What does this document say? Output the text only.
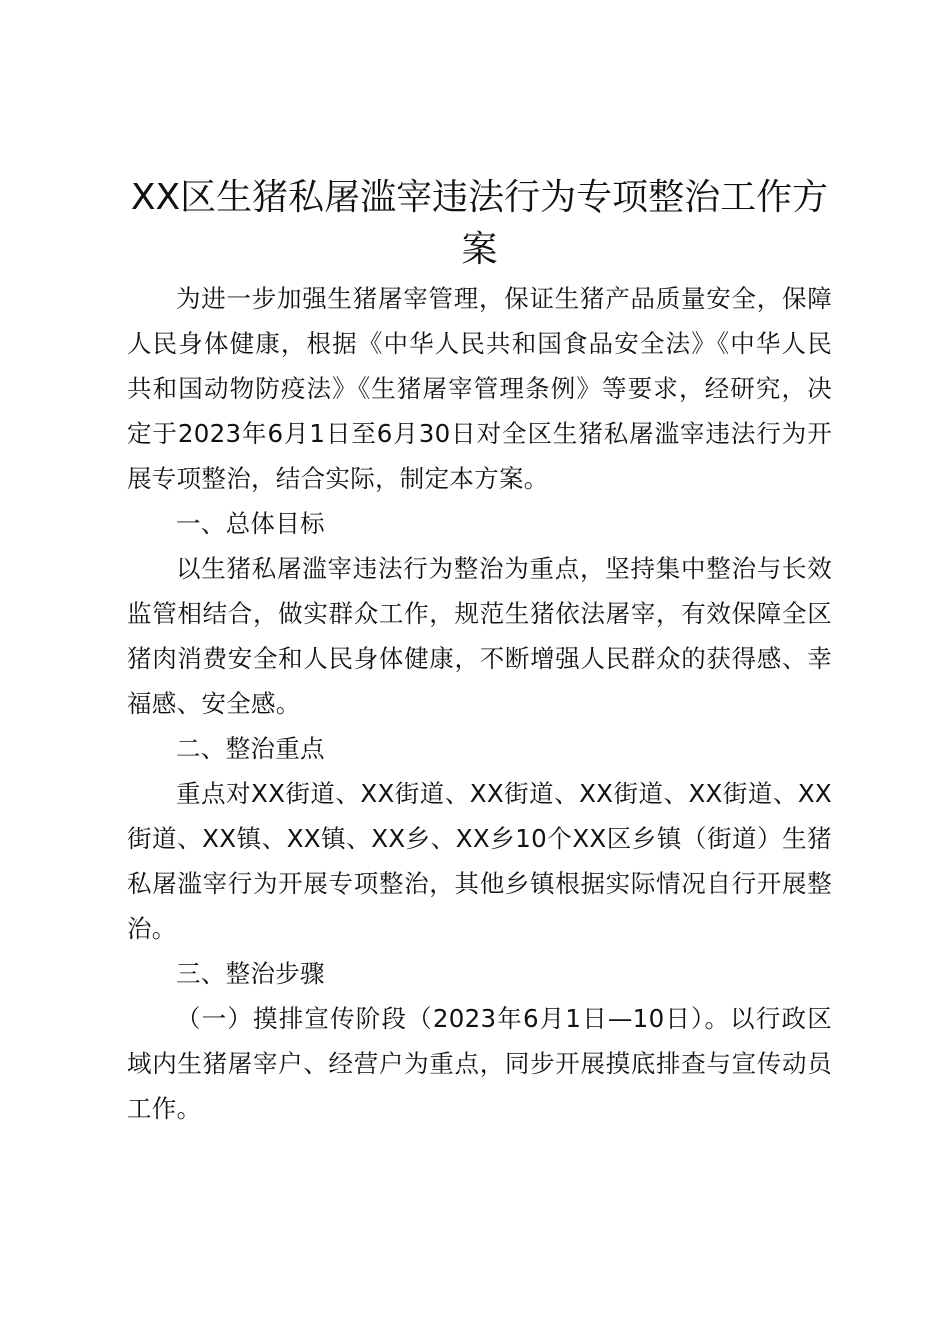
XX区生猪私屠滥宰违法行为专项整治工作方案

为进一步加强生猪屠宰管理，保证生猪产品质量安全，保障人民身体健康，根据《中华人民共和国食品安全法》《中华人民共和国动物防疫法》《生猪屠宰管理条例》等要求，经研究，决定于2023年6月1日至6月30日对全区生猪私屠滥宰违法行为开展专项整治，结合实际，制定本方案。

一、总体目标

以生猪私屠滥宰违法行为整治为重点，坚持集中整治与长效监管相结合，做实群众工作，规范生猪依法屠宰，有效保障全区猪肉消费安全和人民身体健康，不断增强人民群众的获得感、幸福感、安全感。

二、整治重点

重点对XX街道、XX街道、XX街道、XX街道、XX街道、XX街道、XX镇、XX镇、XX乡、XX乡10个XX区乡镇（街道）生猪私屠滥宰行为开展专项整治，其他乡镇根据实际情况自行开展整治。

三、整治步骤

（一）摸排宣传阶段（2023年6月1日—10日）。以行政区域内生猪屠宰户、经营户为重点，同步开展摸底排查与宣传动员工作。
